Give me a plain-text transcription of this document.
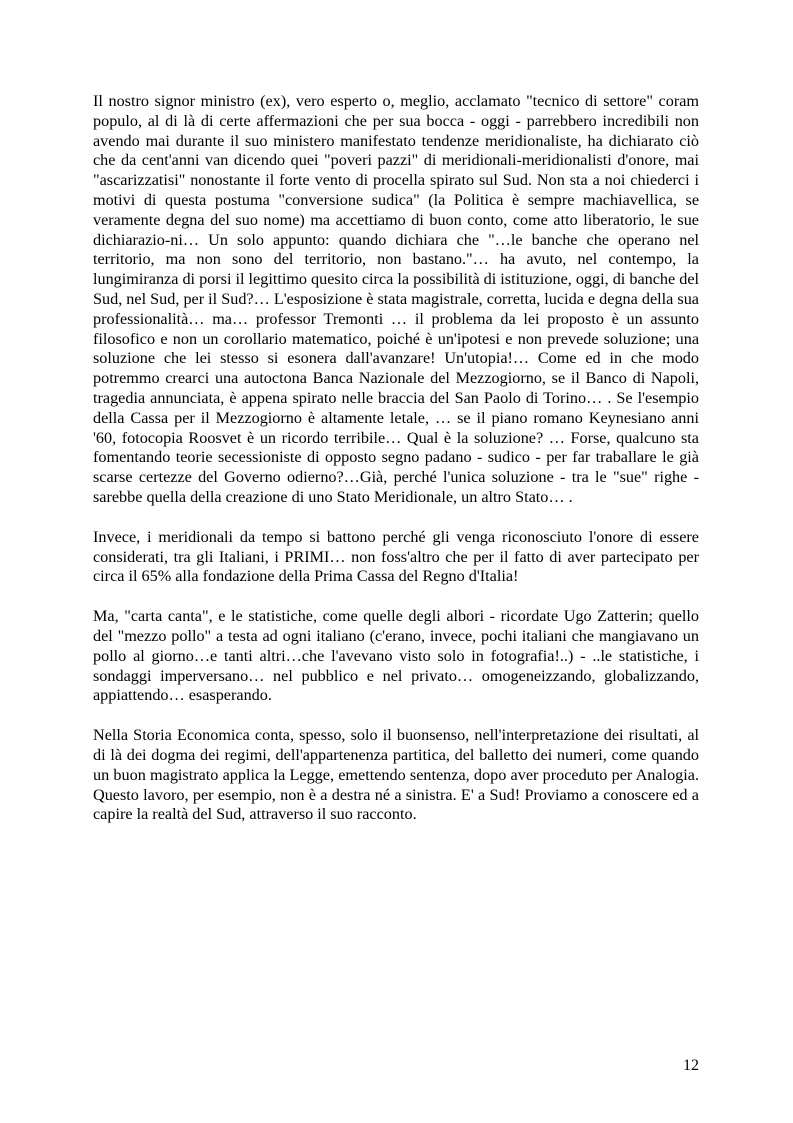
Il nostro signor ministro (ex), vero esperto o, meglio, acclamato "tecnico di settore" coram populo, al di là di certe affermazioni che per sua bocca - oggi - parrebbero incredibili non avendo mai durante il suo ministero manifestato tendenze meridionaliste, ha dichiarato ciò che da cent'anni van dicendo quei "poveri pazzi" di meridionali-meridionalisti d'onore, mai "ascarizzatisi" nonostante il forte vento di procella spirato sul Sud. Non sta a noi chiederci i motivi di questa postuma "conversione sudica" (la Politica è sempre machiavellica, se veramente degna del suo nome) ma accettiamo di buon conto, come atto liberatorio, le sue dichiarazio-ni… Un solo appunto: quando dichiara che "…le banche che operano nel territorio, ma non sono del territorio, non bastano."… ha avuto, nel contempo, la lungimiranza di porsi il legittimo quesito circa la possibilità di istituzione, oggi, di banche del Sud, nel Sud, per il Sud?… L'esposizione è stata magistrale, corretta, lucida e degna della sua professionalità… ma… professor Tremonti … il problema da lei proposto è un assunto filosofico e non un corollario matematico, poiché è un'ipotesi e non prevede soluzione; una soluzione che lei stesso si esonera dall'avanzare! Un'utopia!… Come ed in che modo potremmo crearci una autoctona Banca Nazionale del Mezzogiorno, se il Banco di Napoli, tragedia annunciata, è appena spirato nelle braccia del San Paolo di Torino… . Se l'esempio della Cassa per il Mezzogiorno è altamente letale, … se il piano romano Keynesiano anni '60, fotocopia Roosvet è un ricordo terribile… Qual è la soluzione? … Forse, qualcuno sta fomentando teorie secessioniste di opposto segno padano - sudico - per far traballare le già scarse certezze del Governo odierno?…Già, perché l'unica soluzione - tra le "sue" righe - sarebbe quella della creazione di uno Stato Meridionale, un altro Stato… .

Invece, i meridionali da tempo si battono perché gli venga riconosciuto l'onore di essere considerati, tra gli Italiani, i PRIMI… non foss'altro che per il fatto di aver partecipato per circa il 65% alla fondazione della Prima Cassa del Regno d'Italia!

Ma, "carta canta", e le statistiche, come quelle degli albori - ricordate Ugo Zatterin; quello del "mezzo pollo" a testa ad ogni italiano (c'erano, invece, pochi italiani che mangiavano un pollo al giorno…e tanti altri…che l'avevano visto solo in fotografia!..) - ..le statistiche, i sondaggi imperversano… nel pubblico e nel privato… omogeneizzando, globalizzando, appiattendo… esasperando.

Nella Storia Economica conta, spesso, solo il buonsenso, nell'interpretazione dei risultati, al di là dei dogma dei regimi, dell'appartenenza partitica, del balletto dei numeri, come quando un buon magistrato applica la Legge, emettendo sentenza, dopo aver proceduto per Analogia. Questo lavoro, per esempio, non è a destra né a sinistra. E' a Sud! Proviamo a conoscere ed a capire la realtà del Sud, attraverso il suo racconto.

12
